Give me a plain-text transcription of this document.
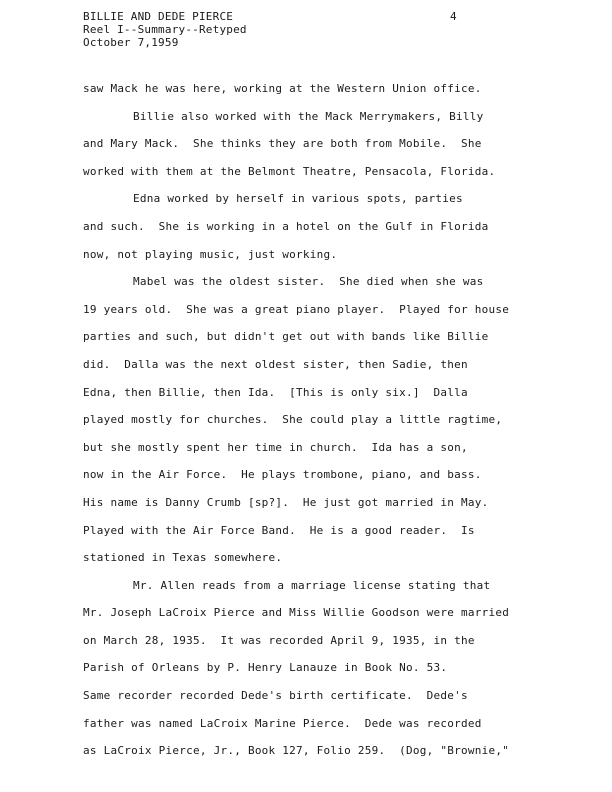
BILLIE AND DEDE PIERCE
Reel I--Summary--Retyped
October 7,1959
4
saw Mack he was here, working at the Western Union office.
Billie also worked with the Mack Merrymakers, Billy
and Mary Mack.  She thinks they are both from Mobile.  She
worked with them at the Belmont Theatre, Pensacola, Florida.
Edna worked by herself in various spots, parties
and such.  She is working in a hotel on the Gulf in Florida
now, not playing music, just working.
Mabel was the oldest sister.  She died when she was
19 years old.  She was a great piano player.  Played for house
parties and such, but didn't get out with bands like Billie
did.  Dalla was the next oldest sister, then Sadie, then
Edna, then Billie, then Ida.  [This is only six.]  Dalla
played mostly for churches.  She could play a little ragtime,
but she mostly spent her time in church.  Ida has a son,
now in the Air Force.  He plays trombone, piano, and bass.
His name is Danny Crumb [sp?].  He just got married in May.
Played with the Air Force Band.  He is a good reader.  Is
stationed in Texas somewhere.
Mr. Allen reads from a marriage license stating that
Mr. Joseph LaCroix Pierce and Miss Willie Goodson were married
on March 28, 1935.  It was recorded April 9, 1935, in the
Parish of Orleans by P. Henry Lanauze in Book No. 53.
Same recorder recorded Dede's birth certificate.  Dede's
father was named LaCroix Marine Pierce.  Dede was recorded
as LaCroix Pierce, Jr., Book 127, Folio 259.  (Dog, "Brownie,"
